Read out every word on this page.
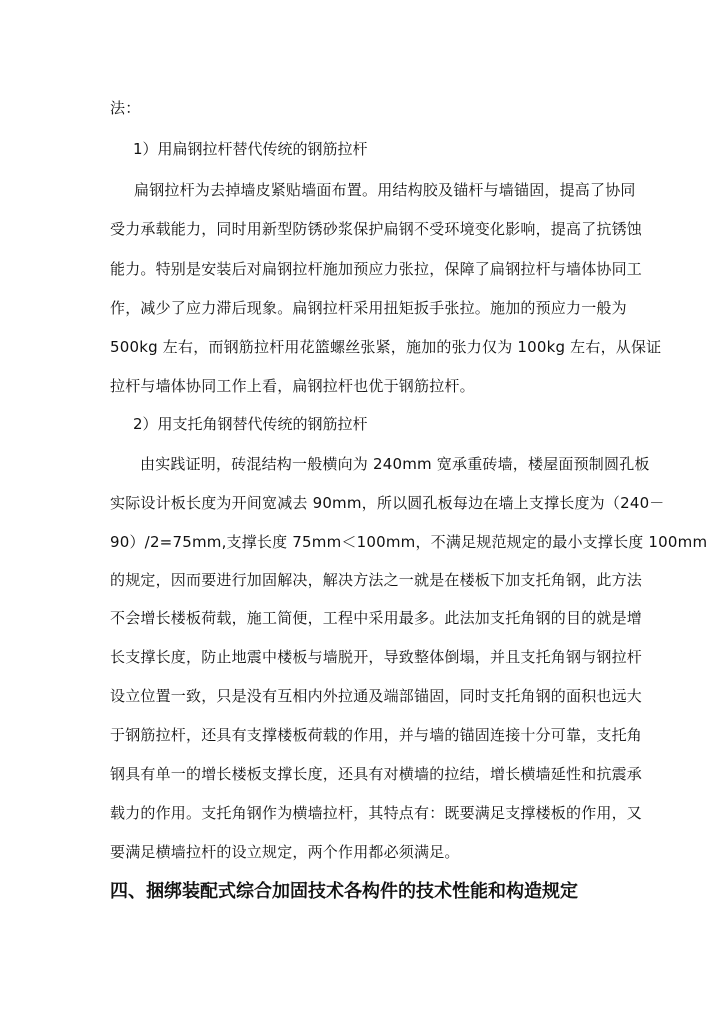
法：
1）用扁钢拉杆替代传统的钢筋拉杆
扁钢拉杆为去掉墙皮紧贴墙面布置。用结构胶及锚杆与墙锚固，提高了协同
受力承载能力，同时用新型防锈砂浆保护扁钢不受环境变化影响，提高了抗锈蚀
能力。特别是安装后对扁钢拉杆施加预应力张拉，保障了扁钢拉杆与墙体协同工
作，减少了应力滞后现象。扁钢拉杆采用扭矩扳手张拉。施加的预应力一般为
500kg 左右，而钢筋拉杆用花篮螺丝张紧，施加的张力仅为 100kg 左右，从保证
拉杆与墙体协同工作上看，扁钢拉杆也优于钢筋拉杆。
2）用支托角钢替代传统的钢筋拉杆
由实践证明，砖混结构一般横向为 240mm 宽承重砖墙，楼屋面预制圆孔板
实际设计板长度为开间宽减去 90mm，所以圆孔板每边在墙上支撑长度为（240－
90）/2=75mm,支撑长度 75mm＜100mm，不满足规范规定的最小支撑长度 100mm
的规定，因而要进行加固解决，解决方法之一就是在楼板下加支托角钢，此方法
不会增长楼板荷载，施工简便，工程中采用最多。此法加支托角钢的目的就是增
长支撑长度，防止地震中楼板与墙脱开，导致整体倒塌，并且支托角钢与钢拉杆
设立位置一致，只是没有互相内外拉通及端部锚固，同时支托角钢的面积也远大
于钢筋拉杆，还具有支撑楼板荷载的作用，并与墙的锚固连接十分可靠，支托角
钢具有单一的增长楼板支撑长度，还具有对横墙的拉结，增长横墙延性和抗震承
载力的作用。支托角钢作为横墙拉杆，其特点有：既要满足支撑楼板的作用，又
要满足横墙拉杆的设立规定，两个作用都必须满足。
四、捆绑装配式综合加固技术各构件的技术性能和构造规定
